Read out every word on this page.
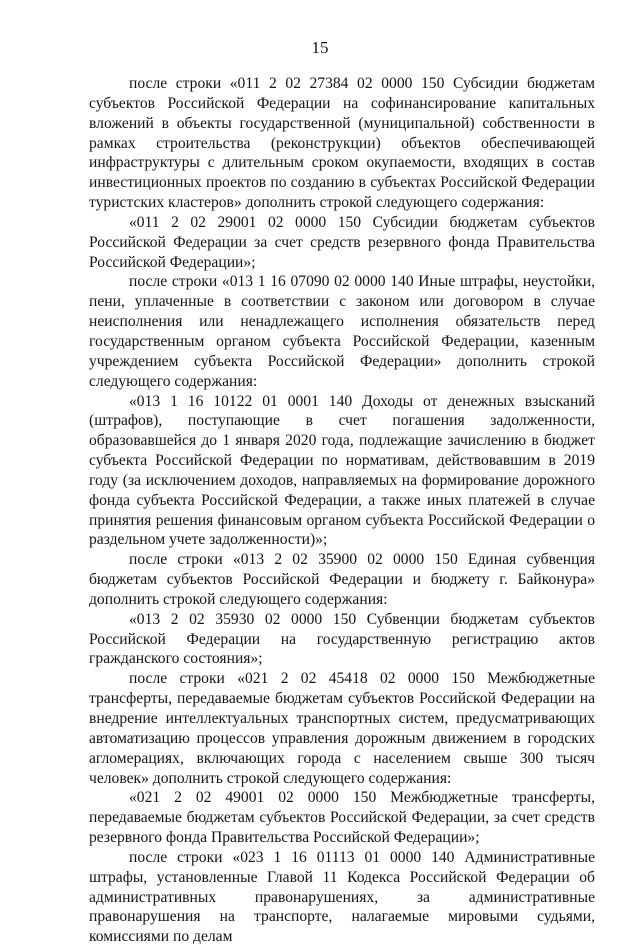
15

после строки «011 2 02 27384 02 0000 150 Субсидии бюджетам субъектов Российской Федерации на софинансирование капитальных вложений в объекты государственной (муниципальной) собственности в рамках строительства (реконструкции) объектов обеспечивающей инфраструктуры с длительным сроком окупаемости, входящих в состав инвестиционных проектов по созданию в субъектах Российской Федерации туристских кластеров» дополнить строкой следующего содержания:

«011 2 02 29001 02 0000 150 Субсидии бюджетам субъектов Российской Федерации за счет средств резервного фонда Правительства Российской Федерации»;

после строки «013 1 16 07090 02 0000 140 Иные штрафы, неустойки, пени, уплаченные в соответствии с законом или договором в случае неисполнения или ненадлежащего исполнения обязательств перед государственным органом субъекта Российской Федерации, казенным учреждением субъекта Российской Федерации» дополнить строкой следующего содержания:

«013 1 16 10122 01 0001 140 Доходы от денежных взысканий (штрафов), поступающие в счет погашения задолженности, образовавшейся до 1 января 2020 года, подлежащие зачислению в бюджет субъекта Российской Федерации по нормативам, действовавшим в 2019 году (за исключением доходов, направляемых на формирование дорожного фонда субъекта Российской Федерации, а также иных платежей в случае принятия решения финансовым органом субъекта Российской Федерации о раздельном учете задолженности)»;

после строки «013 2 02 35900 02 0000 150 Единая субвенция бюджетам субъектов Российской Федерации и бюджету г. Байконура» дополнить строкой следующего содержания:

«013 2 02 35930 02 0000 150 Субвенции бюджетам субъектов Российской Федерации на государственную регистрацию актов гражданского состояния»;

после строки «021 2 02 45418 02 0000 150 Межбюджетные трансферты, передаваемые бюджетам субъектов Российской Федерации на внедрение интеллектуальных транспортных систем, предусматривающих автоматизацию процессов управления дорожным движением в городских агломерациях, включающих города с населением свыше 300 тысяч человек» дополнить строкой следующего содержания:

«021 2 02 49001 02 0000 150 Межбюджетные трансферты, передаваемые бюджетам субъектов Российской Федерации, за счет средств резервного фонда Правительства Российской Федерации»;

после строки «023 1 16 01113 01 0000 140 Административные штрафы, установленные Главой 11 Кодекса Российской Федерации об административных правонарушениях, за административные правонарушения на транспорте, налагаемые мировыми судьями, комиссиями по делам
